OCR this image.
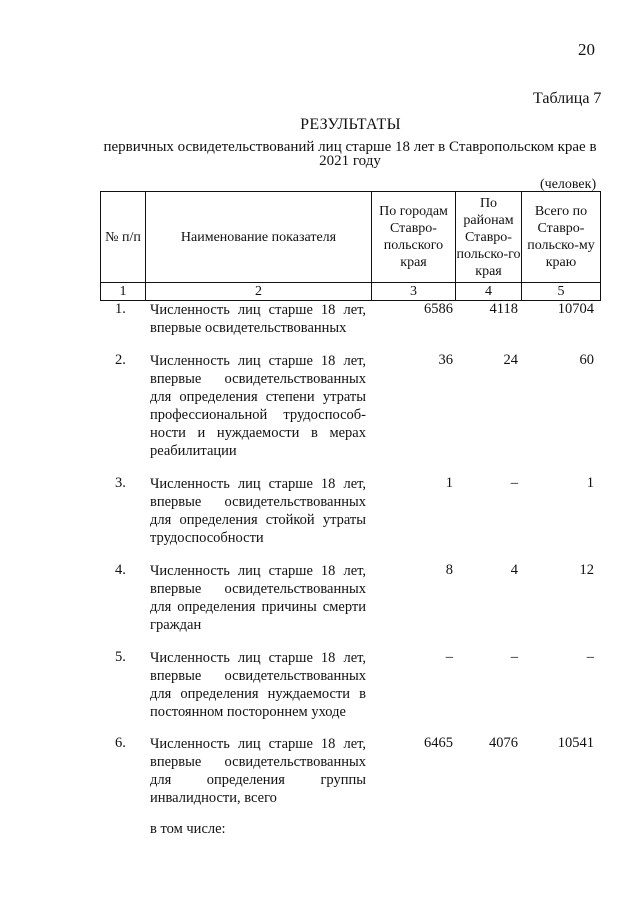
20
Таблица 7
РЕЗУЛЬТАТЫ
первичных освидетельствований лиц старше 18 лет в Ставропольском крае в 2021 году
(человек)
№ п/п	Наименование показателя	По городам Ставро-польского края	По районам Ставро-польско-го края	Всего по Ставро-польско-му краю
1	2	3	4	5
1. Численность лиц старше 18 лет, впервые освидетельствованных
6586	4118	10704
2. Численность лиц старше 18 лет, впервые освидетельствованных для определения степени утраты профессиональной трудоспособ-ности и нуждаемости в мерах реабилитации
36	24	60
3. Численность лиц старше 18 лет, впервые освидетельствованных для определения стойкой утраты трудоспособности
1	–	1
4. Численность лиц старше 18 лет, впервые освидетельствованных для определения причины смерти граждан
8	4	12
5. Численность лиц старше 18 лет, впервые освидетельствованных для определения нуждаемости в постоянном постороннем уходе
–	–	–
6. Численность лиц старше 18 лет, впервые освидетельствованных для определения группы инвалидности, всего
6465 4076	10541
в том числе:
